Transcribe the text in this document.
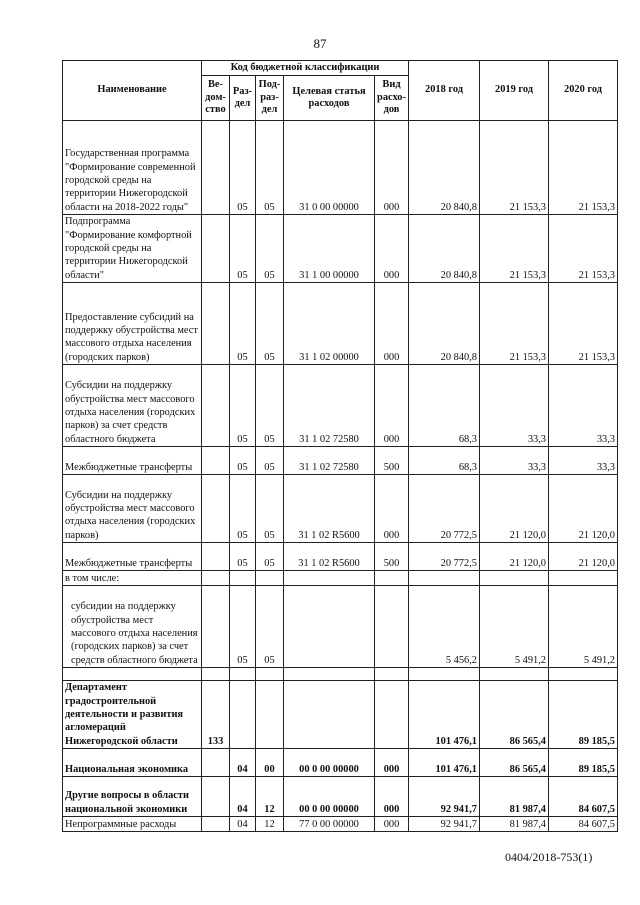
87
Наименование	Код бюджетной классификации					2018 год	2019 год	2020 год
	Ве-дом-ство	Раз-дел	Под-раз-дел	Целевая статья расходов	Вид расхо-дов			
Государственная программа "Формирование современной городской среды на территории Нижегородской области на 2018-2022 годы"		05	05	31 0 00 00000	000	20 840,8	21 153,3	21 153,3
Подпрограмма "Формирование комфортной городской среды на территории Нижегородской области"		05	05	31 1 00 00000	000	20 840,8	21 153,3	21 153,3
Предоставление субсидий на поддержку обустройства мест массового отдыха населения (городских парков)		05	05	31 1 02 00000	000	20 840,8	21 153,3	21 153,3
Субсидии на поддержку обустройства мест массового отдыха населения (городских парков) за счет средств областного бюджета		05	05	31 1 02 72580	000	68,3	33,3	33,3
Межбюджетные трансферты		05	05	31 1 02 72580	500	68,3	33,3	33,3
Субсидии на поддержку обустройства мест массового отдыха населения (городских парков)		05	05	31 1 02 R5600	000	20 772,5	21 120,0	21 120,0
Межбюджетные трансферты		05	05	31 1 02 R5600	500	20 772,5	21 120,0	21 120,0
в том числе:								
субсидии на поддержку обустройства мест массового отдыха населения (городских парков) за счет средств областного бюджета		05	05			5 456,2	5 491,2	5 491,2

Департамент градостроительной деятельности и развития агломераций Нижегородской области	133					101 476,1	86 565,4	89 185,5
Национальная экономика		04	00	00 0 00 00000	000	101 476,1	86 565,4	89 185,5
Другие вопросы в области национальной экономики		04	12	00 0 00 00000	000	92 941,7	81 987,4	84 607,5
Непрограммные расходы		04	12	77 0 00 00000	000	92 941,7	81 987,4	84 607,5
0404/2018-753(1)
